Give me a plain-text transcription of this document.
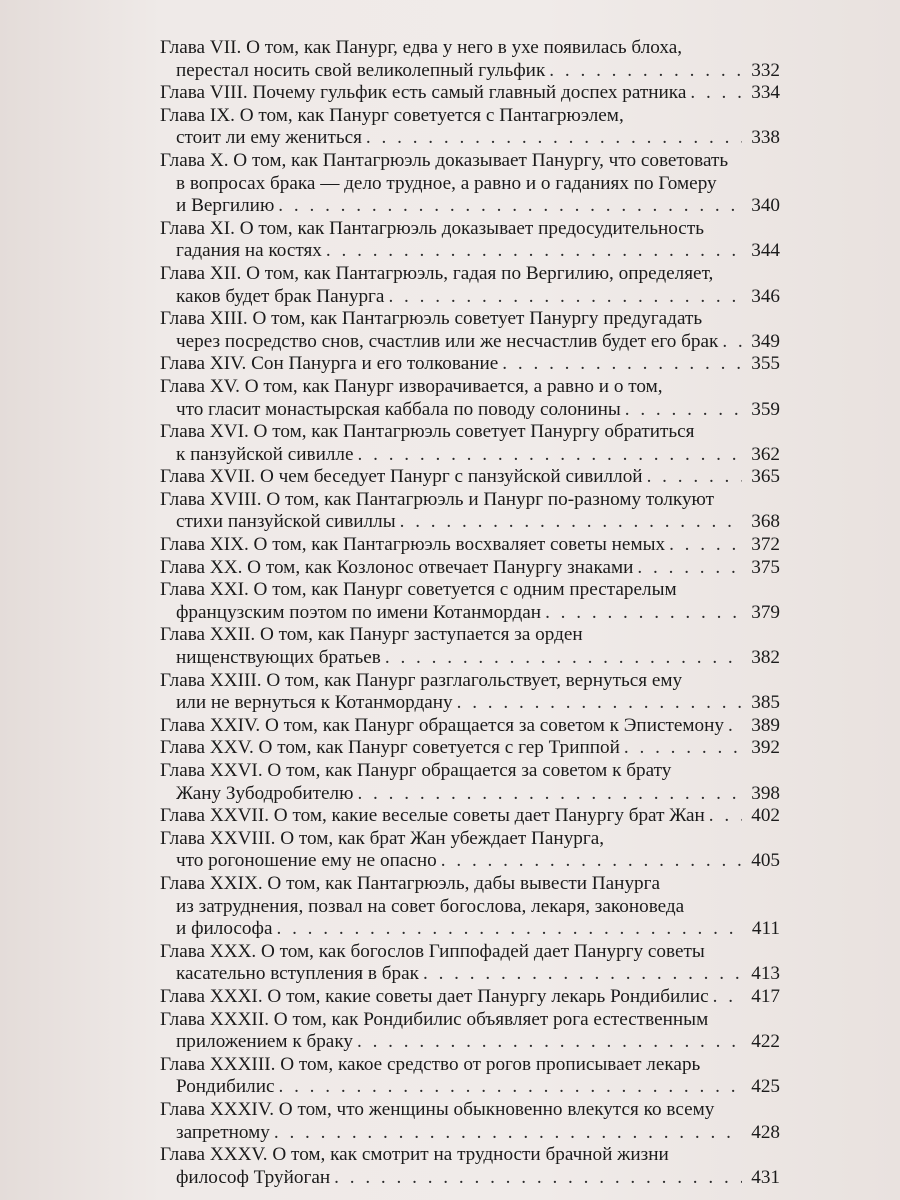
Глава VII. О том, как Панург, едва у него в ухе появилась блоха,
перестал носить свой великолепный гульфик . . .	332
Глава VIII. Почему гульфик есть самый главный доспех ратника . . .	334
Глава IX. О том, как Панург советуется с Пантагрюэлем,
стоит ли ему жениться . . .	338
Глава X. О том, как Пантагрюэль доказывает Панургу, что советовать
в вопросах брака — дело трудное, а равно и о гаданиях по Гомеру
и Вергилию . . .	340
Глава XI. О том, как Пантагрюэль доказывает предосудительность
гадания на костях . . .	344
Глава XII. О том, как Пантагрюэль, гадая по Вергилию, определяет,
каков будет брак Панурга . . .	346
Глава XIII. О том, как Пантагрюэль советует Панургу предугадать
через посредство снов, счастлив или же несчастлив будет его брак . . . 349
Глава XIV. Сон Панурга и его толкование . . .	355
Глава XV. О том, как Панург изворачивается, а равно и о том,
что гласит монастырская каббала по поводу солонины . . .	359
Глава XVI. О том, как Пантагрюэль советует Панургу обратиться
к панзуйской сивилле . . .	362
Глава XVII. О чем беседует Панург с панзуйской сивиллой . . .	365
Глава XVIII. О том, как Пантагрюэль и Панург по-разному толкуют
стихи панзуйской сивиллы . . .	368
Глава XIX. О том, как Пантагрюэль восхваляет советы немых . . .	372
Глава XX. О том, как Козлонос отвечает Панургу знаками . . .	375
Глава XXI. О том, как Панург советуется с одним престарелым
французским поэтом по имени Котанмордан . . .	379
Глава XXII. О том, как Панург заступается за орден
нищенствующих братьев . . .	382
Глава XXIII. О том, как Панург разглагольствует, вернуться ему
или не вернуться к Котанмордану . . .	385
Глава XXIV. О том, как Панург обращается за советом к Эпистемону . . . 389
Глава XXV. О том, как Панург советуется с гер Триппой . . .	392
Глава XXVI. О том, как Панург обращается за советом к брату
Жану Зубодробителю . . .	398
Глава XXVII. О том, какие веселые советы дает Панургу брат Жан . . . 402
Глава XXVIII. О том, как брат Жан убеждает Панурга,
что рогоношение ему не опасно . . .	405
Глава XXIX. О том, как Пантагрюэль, дабы вывести Панурга
из затруднения, позвал на совет богослова, лекаря, законоведа
и философа . . .	411
Глава XXX. О том, как богослов Гиппофадей дает Панургу советы
касательно вступления в брак . . .	413
Глава XXXI. О том, какие советы дает Панургу лекарь Рондибилис . . . 417
Глава XXXII. О том, как Рондибилис объявляет рога естественным
приложением к браку . . .	422
Глава XXXIII. О том, какое средство от рогов прописывает лекарь
Рондибилис . . .	425
Глава XXXIV. О том, что женщины обыкновенно влекутся ко всему
запретному . . .	428
Глава XXXV. О том, как смотрит на трудности брачной жизни
философ Труйоган . . .	431
